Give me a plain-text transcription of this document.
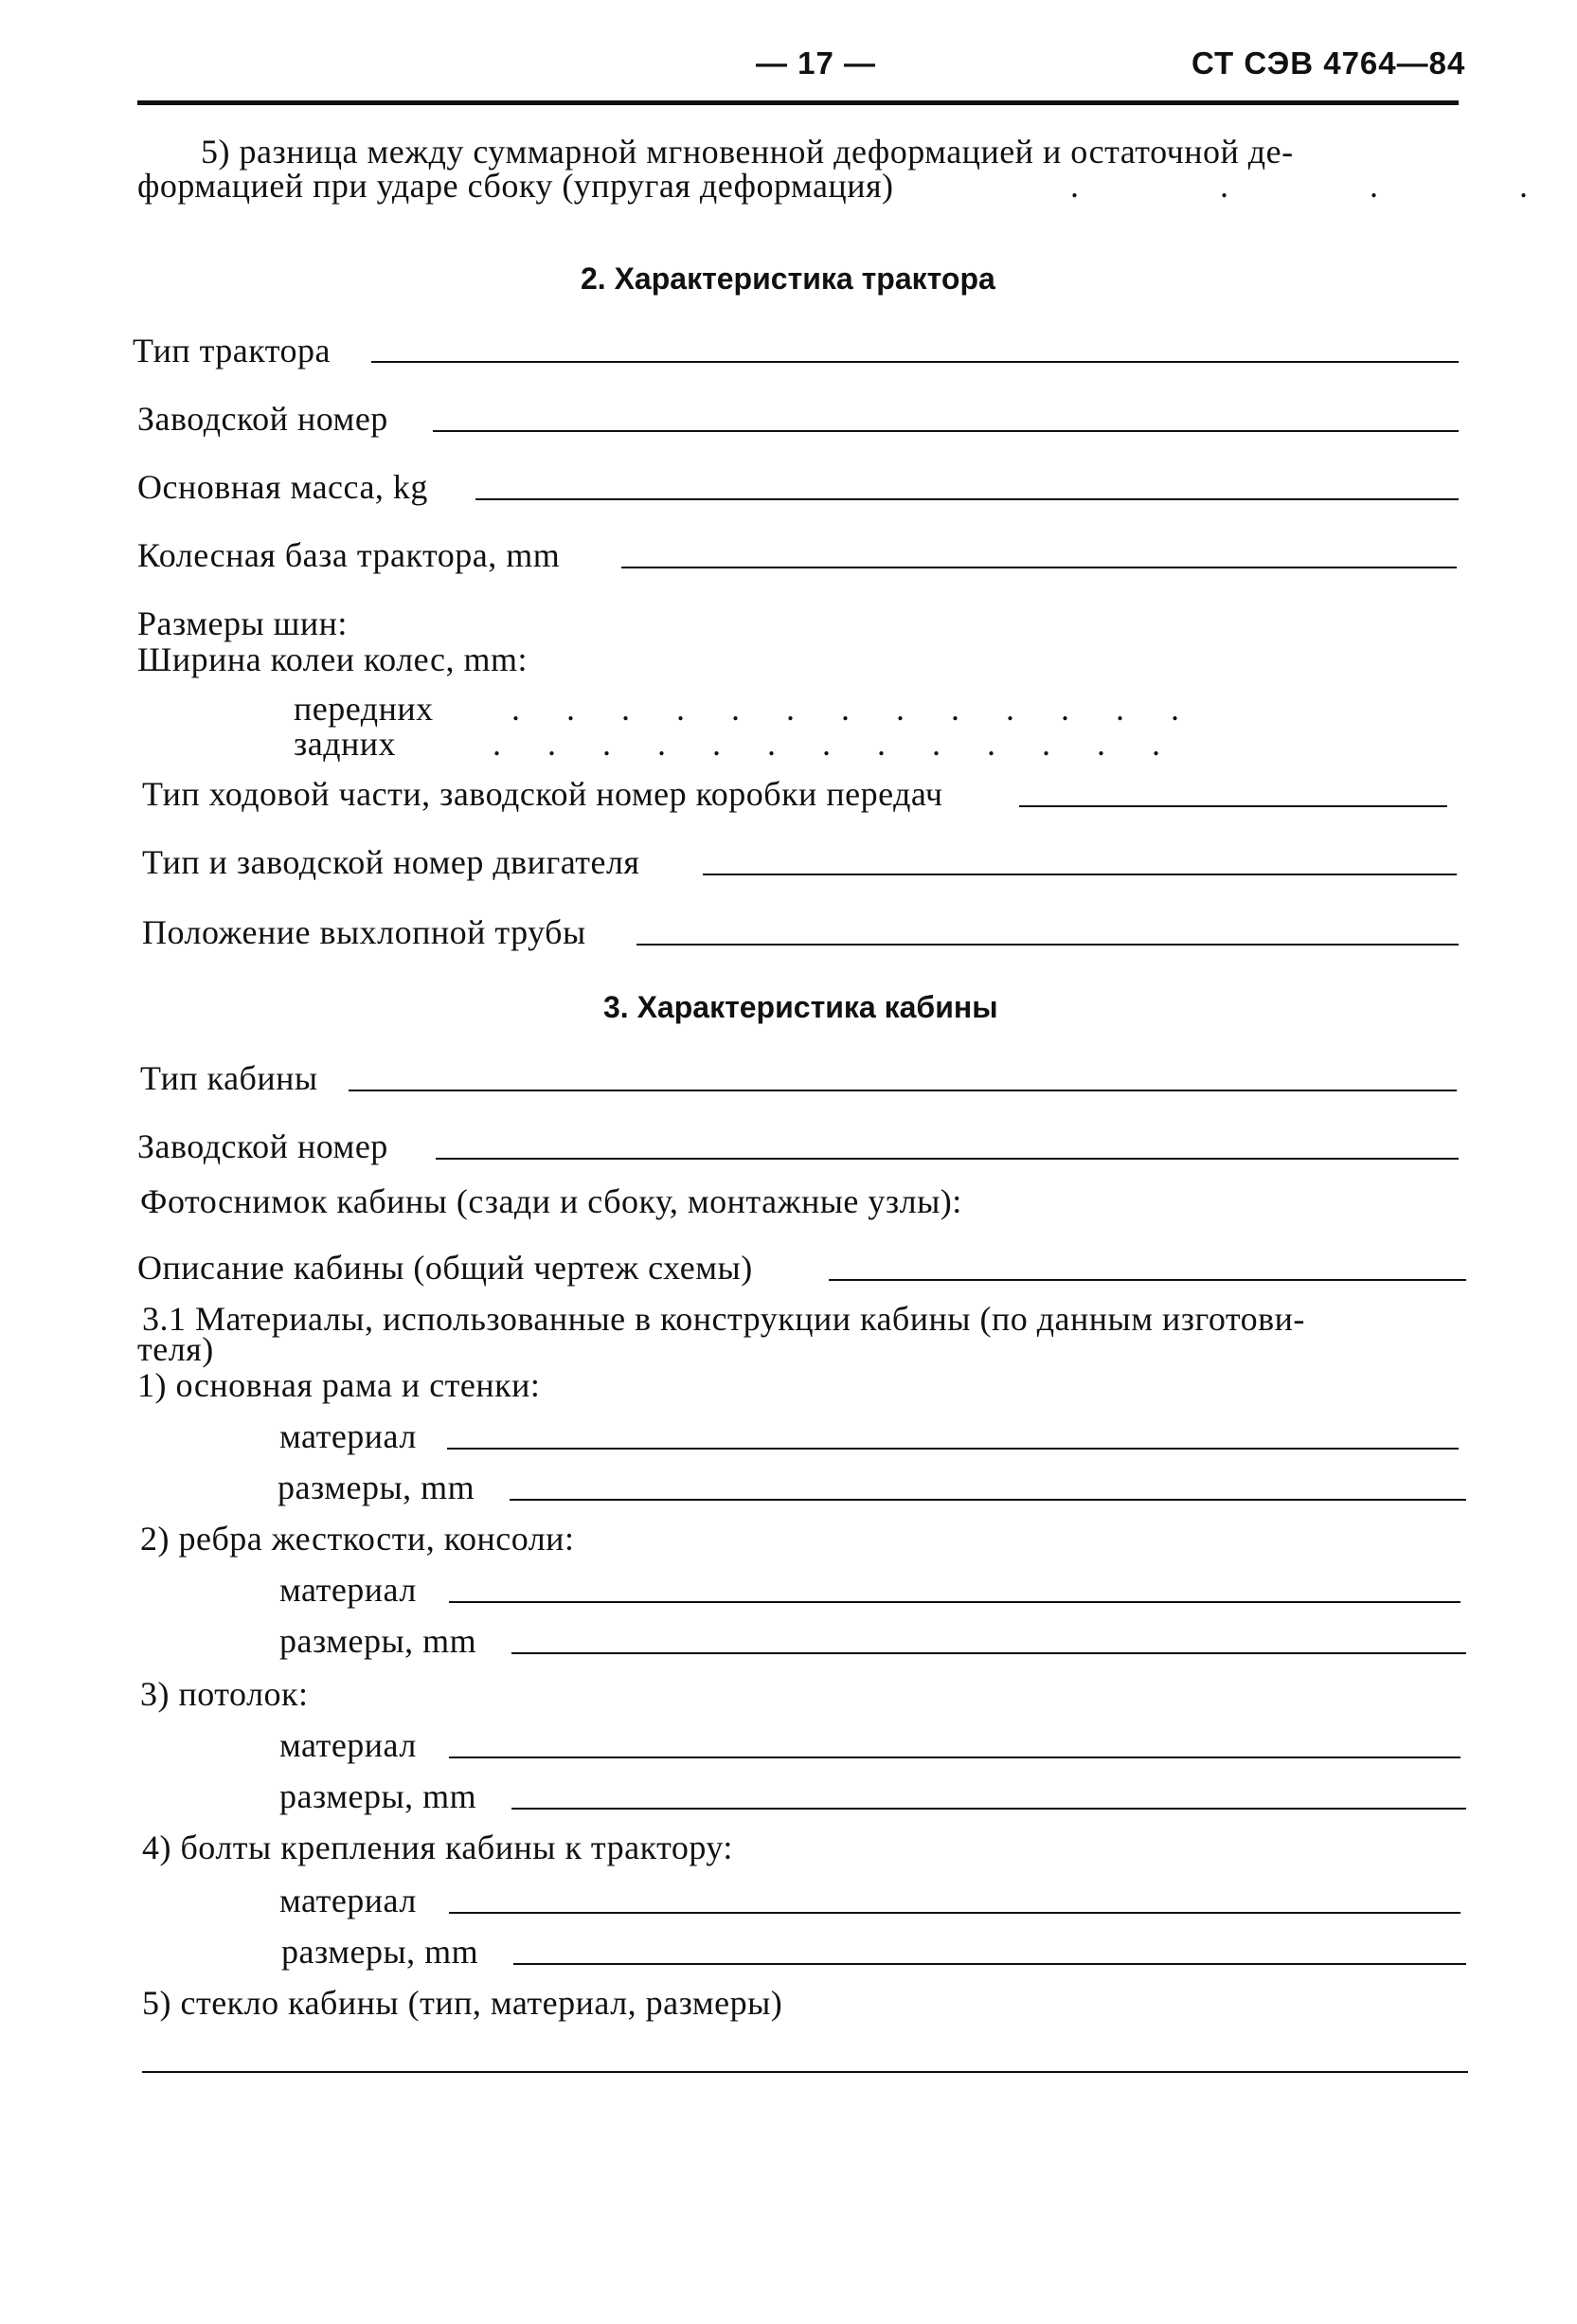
— 17 —	СТ СЭВ 4764—84
5) разница между суммарной мгновенной деформацией и остаточной де-
формацией при ударе сбоку (упругая деформация)	. . . .
2. Характеристика трактора
Тип трактора
Заводской номер
Основная масса, kg
Колесная база трактора, mm
Размеры шин:
Ширина колеи колес, mm:
передних . . . . . . . . . . . . .
задних	. . . . . . . . . . . . .
Тип ходовой части, заводской номер коробки передач
Тип и заводской номер двигателя
Положение выхлопной трубы
3. Характеристика кабины
Тип кабины
Заводской номер
Фотоснимок кабины (сзади и сбоку, монтажные узлы):
Описание кабины (общий чертеж схемы)
3.1 Материалы, использованные в конструкции кабины (по данным изготови-
теля)
1) основная рама и стенки:
материал
размеры, mm
2) ребра жесткости, консоли:
материал
размеры, mm
3) потолок:
материал
размеры, mm
4) болты крепления кабины к трактору:
материал
размеры, mm
5) стекло кабины (тип, материал, размеры)
